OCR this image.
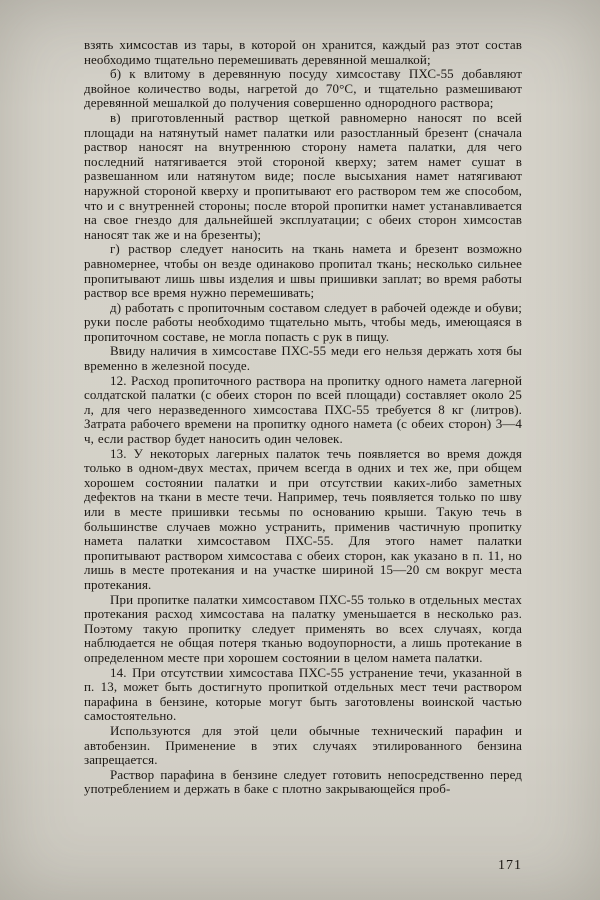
взять химсостав из тары, в которой он хранится, каждый раз этот состав необходимо тщательно перемешивать деревянной мешалкой;

б) к влитому в деревянную посуду химсоставу ПХС-55 добавляют двойное количество воды, нагретой до 70°С, и тщательно размешивают деревянной мешалкой до получения совершенно однородного раствора;

в) приготовленный раствор щеткой равномерно наносят по всей площади на натянутый намет палатки или разостланный брезент (сначала раствор наносят на внутреннюю сторону намета палатки, для чего последний натягивается этой стороной кверху; затем намет сушат в развешанном или натянутом виде; после высыхания намет натягивают наружной стороной кверху и пропитывают его раствором тем же способом, что и с внутренней стороны; после второй пропитки намет устанавливается на свое гнездо для дальнейшей эксплуатации; с обеих сторон химсостав наносят так же и на брезенты);

г) раствор следует наносить на ткань намета и брезент возможно равномернее, чтобы он везде одинаково пропитал ткань; несколько сильнее пропитывают лишь швы изделия и швы пришивки заплат; во время работы раствор все время нужно перемешивать;

д) работать с пропиточным составом следует в рабочей одежде и обуви; руки после работы необходимо тщательно мыть, чтобы медь, имеющаяся в пропиточном составе, не могла попасть с рук в пищу.

Ввиду наличия в химсоставе ПХС-55 меди его нельзя держать хотя бы временно в железной посуде.

12. Расход пропиточного раствора на пропитку одного намета лагерной солдатской палатки (с обеих сторон по всей площади) составляет около 25 л, для чего неразведенного химсостава ПХС-55 требуется 8 кг (литров). Затрата рабочего времени на пропитку одного намета (с обеих сторон) 3—4 ч, если раствор будет наносить один человек.

13. У некоторых лагерных палаток течь появляется во время дождя только в одном-двух местах, причем всегда в одних и тех же, при общем хорошем состоянии палатки и при отсутствии каких-либо заметных дефектов на ткани в месте течи. Например, течь появляется только по шву или в месте пришивки тесьмы по основанию крыши. Такую течь в большинстве случаев можно устранить, применив частичную пропитку намета палатки химсоставом ПХС-55. Для этого намет палатки пропитывают раствором химсостава с обеих сторон, как указано в п. 11, но лишь в месте протекания и на участке шириной 15—20 см вокруг места протекания.

При пропитке палатки химсоставом ПХС-55 только в отдельных местах протекания расход химсостава на палатку уменьшается в несколько раз. Поэтому такую пропитку следует применять во всех случаях, когда наблюдается не общая потеря тканью водоупорности, а лишь протекание в определенном месте при хорошем состоянии в целом намета палатки.

14. При отсутствии химсостава ПХС-55 устранение течи, указанной в п. 13, может быть достигнуто пропиткой отдельных мест течи раствором парафина в бензине, которые могут быть заготовлены воинской частью самостоятельно.

Используются для этой цели обычные технический парафин и автобензин. Применение в этих случаях этилированного бензина запрещается.

Раствор парафина в бензине следует готовить непосредственно перед употреблением и держать в баке с плотно закрывающейся проб-

171
